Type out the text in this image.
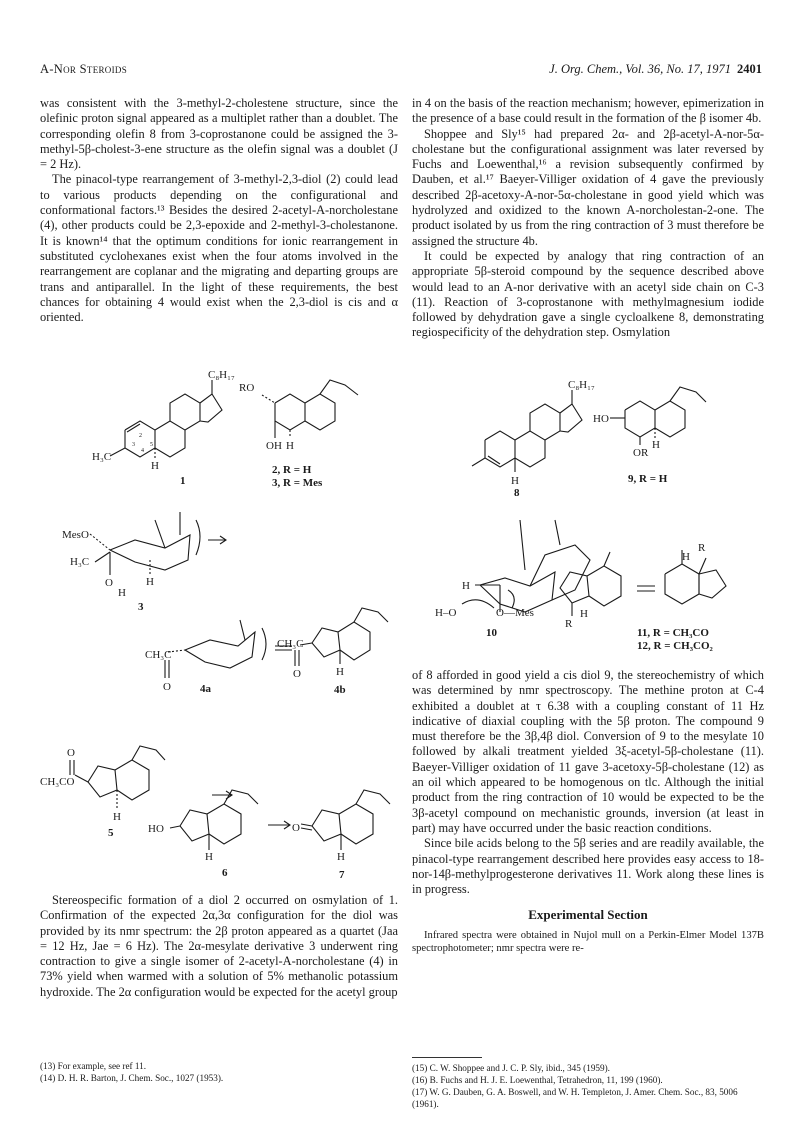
A-Nor Steroids	J. Org. Chem., Vol. 36, No. 17, 1971 2401

was consistent with the 3-methyl-2-cholestene structure, since the olefinic proton signal appeared as a multiplet rather than a doublet. The corresponding olefin 8 from 3-coprostanone could be assigned the 3-methyl-5β-cholest-3-ene structure as the olefin signal was a doublet (J = 2 Hz).

The pinacol-type rearrangement of 3-methyl-2,3-diol (2) could lead to various products depending on the configurational and conformational factors.¹³ Besides the desired 2-acetyl-A-norcholestane (4), other products could be 2,3-epoxide and 2-methyl-3-cholestanone. It is known¹⁴ that the optimum conditions for ionic rearrangement in substituted cyclohexanes exist when the four atoms involved in the rearrangement are coplanar and the migrating and departing groups are trans and antiparallel. In the light of these requirements, the best chances for obtaining 4 would exist when the 2,3-diol is cis and α oriented.

Stereospecific formation of a diol 2 occurred on osmylation of 1. Confirmation of the expected 2α,3α configuration for the diol was provided by its nmr spectrum: the 2β proton appeared as a quartet (Jaa = 12 Hz, Jae = 6 Hz). The 2α-mesylate derivative 3 underwent ring contraction to give a single isomer of 2-acetyl-A-norcholestane (4) in 73% yield when warmed with a solution of 5% methanolic potassium hydroxide. The 2α configuration would be expected for the acetyl group

in 4 on the basis of the reaction mechanism; however, epimerization in the presence of a base could result in the formation of the β isomer 4b.

Shoppee and Sly¹⁵ had prepared 2α- and 2β-acetyl-A-nor-5α-cholestane but the configurational assignment was later reversed by Fuchs and Loewenthal,¹⁶ a revision subsequently confirmed by Dauben, et al.¹⁷ Baeyer-Villiger oxidation of 4 gave the previously described 2β-acetoxy-A-nor-5α-cholestane in good yield which was hydrolyzed and oxidized to the known A-norcholestan-2-one. The product isolated by us from the ring contraction of 3 must therefore be assigned the structure 4b.

It could be expected by analogy that ring contraction of an appropriate 5β-steroid compound by the sequence described above would lead to an A-nor derivative with an acetyl side chain on C-3 (11). Reaction of 3-coprostanone with methylmagnesium iodide followed by dehydration gave a single cycloalkene 8, demonstrating regiospecificity of the dehydration step. Osmylation

of 8 afforded in good yield a cis diol 9, the stereochemistry of which was determined by nmr spectroscopy. The methine proton at C-4 exhibited a doublet at τ 6.38 with a coupling constant of 11 Hz indicative of diaxial coupling with the 5β proton. The compound 9 must therefore be the 3β,4β diol. Conversion of 9 to the mesylate 10 followed by alkali treatment yielded 3ξ-acetyl-5β-cholestane (11). Baeyer-Villiger oxidation of 11 gave 3-acetoxy-5β-cholestane (12) as an oil which appeared to be homogenous on tlc. Although the initial product from the ring contraction of 10 would be expected to be the 3β-acetyl compound on mechanistic grounds, inversion (at least in part) may have occurred under the basic reaction conditions.

Since bile acids belong to the 5β series and are readily available, the pinacol-type rearrangement described here provides easy access to 18-nor-14β-methylprogesterone derivatives 11. Work along these lines is in progress.

Experimental Section

Infrared spectra were obtained in Nujol mull on a Perkin-Elmer Model 137B spectrophotometer; nmr spectra were re-

(13) For example, see ref 11.
(14) D. H. R. Barton, J. Chem. Soc., 1027 (1953).
(15) C. W. Shoppee and J. C. P. Sly, ibid., 345 (1959).
(16) B. Fuchs and H. J. E. Loewenthal, Tetrahedron, 11, 199 (1960).
(17) W. G. Dauben, G. A. Boswell, and W. H. Templeton, J. Amer. Chem. Soc., 83, 5006 (1961).
C₈H₁₇
H₃C
H
1
2
3
4
5
RO
OH H
2, R = H
3, R = Mes
MesO
H₃C
H
O
H
3
CH₃C
O	4a
CH₃C
O	H
4b
O
CH₃CO
H
5	HO
H
6
O
H
7
C₈H₁₇
H
8
HO
H
OR
9, R = H
H
H–O	O—Mes
10
R
H
R
H
11, R = CH₃CO
12, R = CH₃CO₂
